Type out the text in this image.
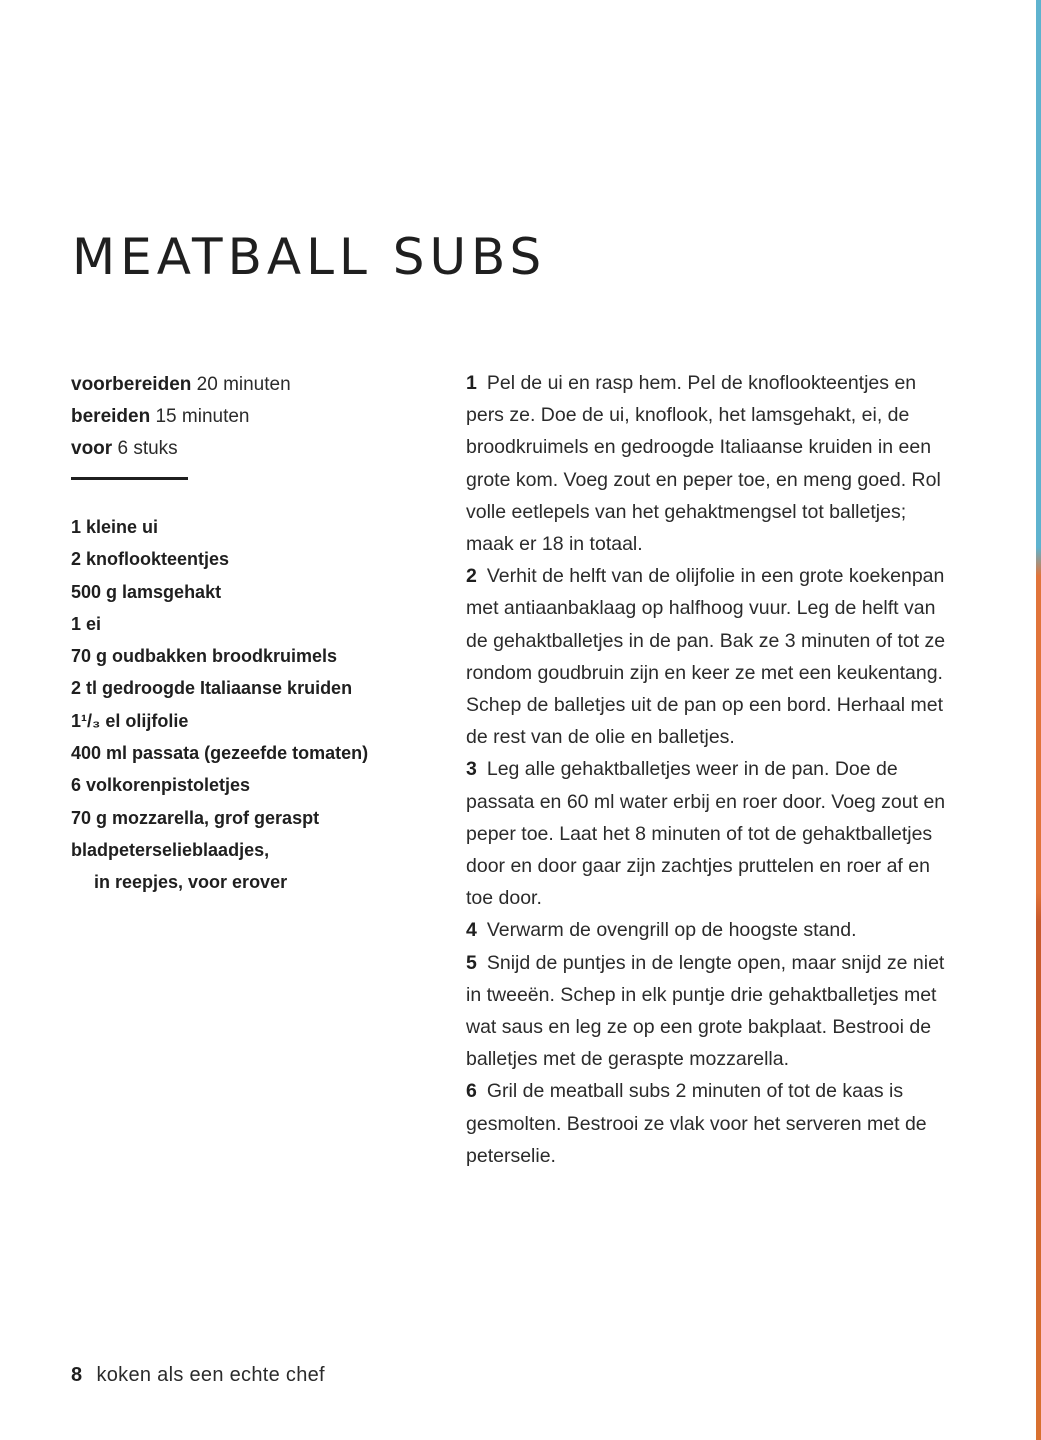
MEATBALL SUBS
voorbereiden 20 minuten
bereiden 15 minuten
voor 6 stuks
1 kleine ui
2 knoflookteentjes
500 g lamsgehakt
1 ei
70 g oudbakken broodkruimels
2 tl gedroogde Italiaanse kruiden
1¹/₃ el olijfolie
400 ml passata (gezeefde tomaten)
6 volkorenpistoletjes
70 g mozzarella, grof geraspt
bladpeterselieblaadjes,
in reepjes, voor erover

1 Pel de ui en rasp hem. Pel de knoflookteentjes en pers ze. Doe de ui, knoflook, het lamsgehakt, ei, de broodkruimels en gedroogde Italiaanse kruiden in een grote kom. Voeg zout en peper toe, en meng goed. Rol volle eetlepels van het gehaktmengsel tot balletjes; maak er 18 in totaal.

2 Verhit de helft van de olijfolie in een grote koekenpan met antiaanbaklaag op halfhoog vuur. Leg de helft van de gehaktballetjes in de pan. Bak ze 3 minuten of tot ze rondom goudbruin zijn en keer ze met een keukentang. Schep de balletjes uit de pan op een bord. Herhaal met de rest van de olie en balletjes.

3 Leg alle gehaktballetjes weer in de pan. Doe de passata en 60 ml water erbij en roer door. Voeg zout en peper toe. Laat het 8 minuten of tot de gehaktballetjes door en door gaar zijn zachtjes pruttelen en roer af en toe door.

4 Verwarm de ovengrill op de hoogste stand.

5 Snijd de puntjes in de lengte open, maar snijd ze niet in tweeën. Schep in elk puntje drie gehaktballetjes met wat saus en leg ze op een grote bakplaat. Bestrooi de balletjes met de geraspte mozzarella.

6 Gril de meatball subs 2 minuten of tot de kaas is gesmolten. Bestrooi ze vlak voor het serveren met de peterselie.

8 koken als een echte chef
